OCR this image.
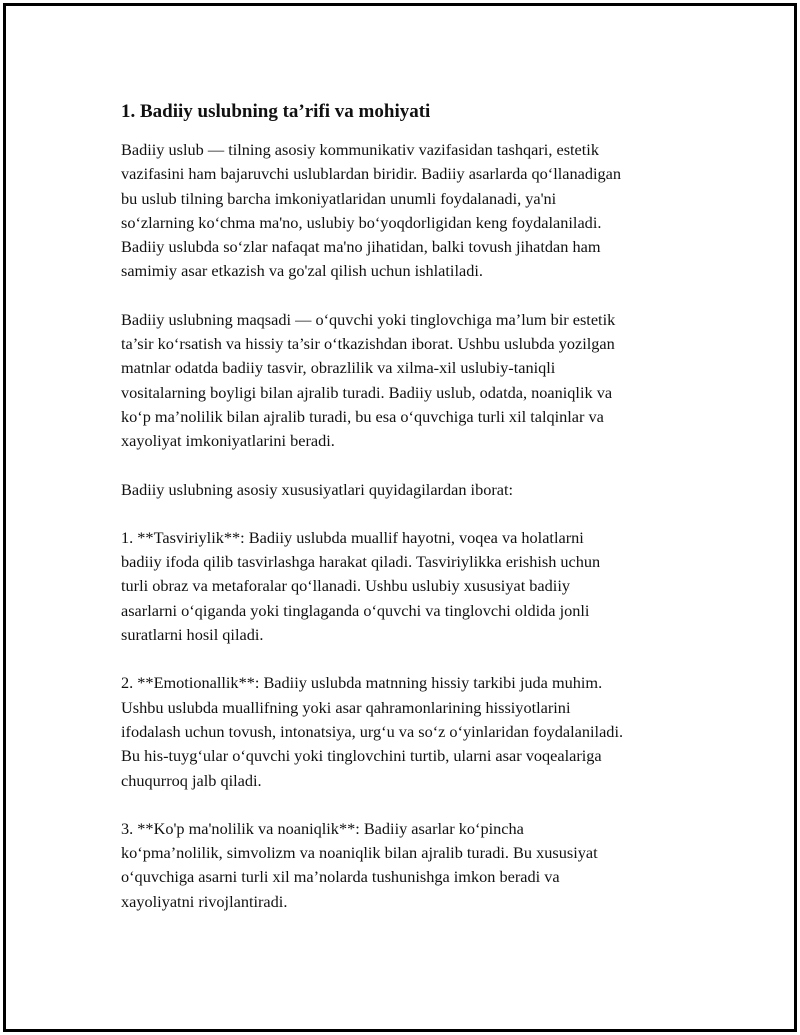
1. Badiiy uslubning ta’rifi va mohiyati

Badiiy uslub — tilning asosiy kommunikativ vazifasidan tashqari, estetik
vazifasini ham bajaruvchi uslublardan biridir. Badiiy asarlarda qo‘llanadigan
bu uslub tilning barcha imkoniyatlaridan unumli foydalanadi, ya'ni
so‘zlarning ko‘chma ma'no, uslubiy bo‘yoqdorligidan keng foydalaniladi.
Badiiy uslubda so‘zlar nafaqat ma'no jihatidan, balki tovush jihatdan ham
samimiy asar etkazish va go'zal qilish uchun ishlatiladi.

Badiiy uslubning maqsadi — o‘quvchi yoki tinglovchiga ma’lum bir estetik
ta’sir ko‘rsatish va hissiy ta’sir o‘tkazishdan iborat. Ushbu uslubda yozilgan
matnlar odatda badiiy tasvir, obrazlilik va xilma-xil uslubiy-taniqli
vositalarning boyligi bilan ajralib turadi. Badiiy uslub, odatda, noaniqlik va
ko‘p ma’nolilik bilan ajralib turadi, bu esa o‘quvchiga turli xil talqinlar va
xayoliyat imkoniyatlarini beradi.

Badiiy uslubning asosiy xususiyatlari quyidagilardan iborat:

1. **Tasviriylik**: Badiiy uslubda muallif hayotni, voqea va holatlarni
badiiy ifoda qilib tasvirlashga harakat qiladi. Tasviriylikka erishish uchun
turli obraz va metaforalar qo‘llanadi. Ushbu uslubiy xususiyat badiiy
asarlarni o‘qiganda yoki tinglaganda o‘quvchi va tinglovchi oldida jonli
suratlarni hosil qiladi.

2. **Emotionallik**: Badiiy uslubda matnning hissiy tarkibi juda muhim.
Ushbu uslubda muallifning yoki asar qahramonlarining hissiyotlarini
ifodalash uchun tovush, intonatsiya, urg‘u va so‘z o‘yinlaridan foydalaniladi.
Bu his-tuyg‘ular o‘quvchi yoki tinglovchini turtib, ularni asar voqealariga
chuqurroq jalb qiladi.

3. **Ko'p ma'nolilik va noaniqlik**: Badiiy asarlar ko‘pincha
ko‘pma’nolilik, simvolizm va noaniqlik bilan ajralib turadi. Bu xususiyat
o‘quvchiga asarni turli xil ma’nolarda tushunishga imkon beradi va
xayoliyatni rivojlantiradi.
